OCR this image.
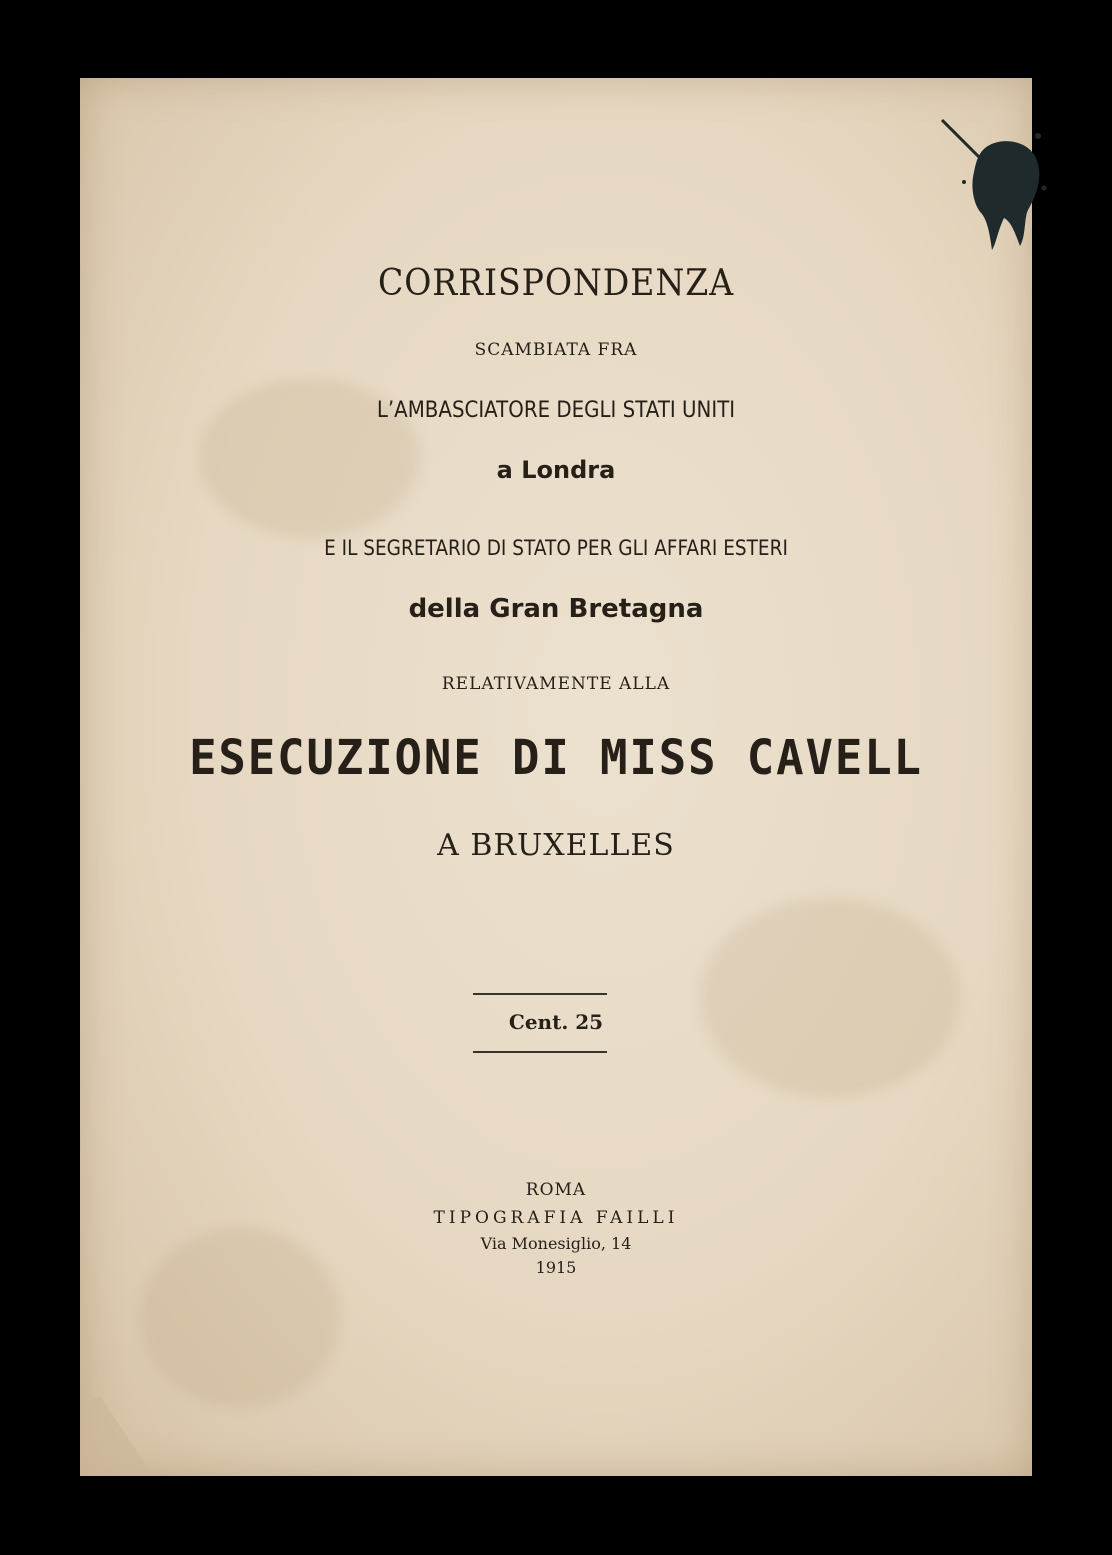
CORRISPONDENZA
SCAMBIATA FRA
L’AMBASCIATORE DEGLI STATI UNITI
a Londra
E IL SEGRETARIO DI STATO PER GLI AFFARI ESTERI
della Gran Bretagna
RELATIVAMENTE ALLA
ESECUZIONE DI MISS CAVELL
A BRUXELLES
Cent. 25
ROMA
TIPOGRAFIA FAILLI
Via Monesiglio, 14
1915
